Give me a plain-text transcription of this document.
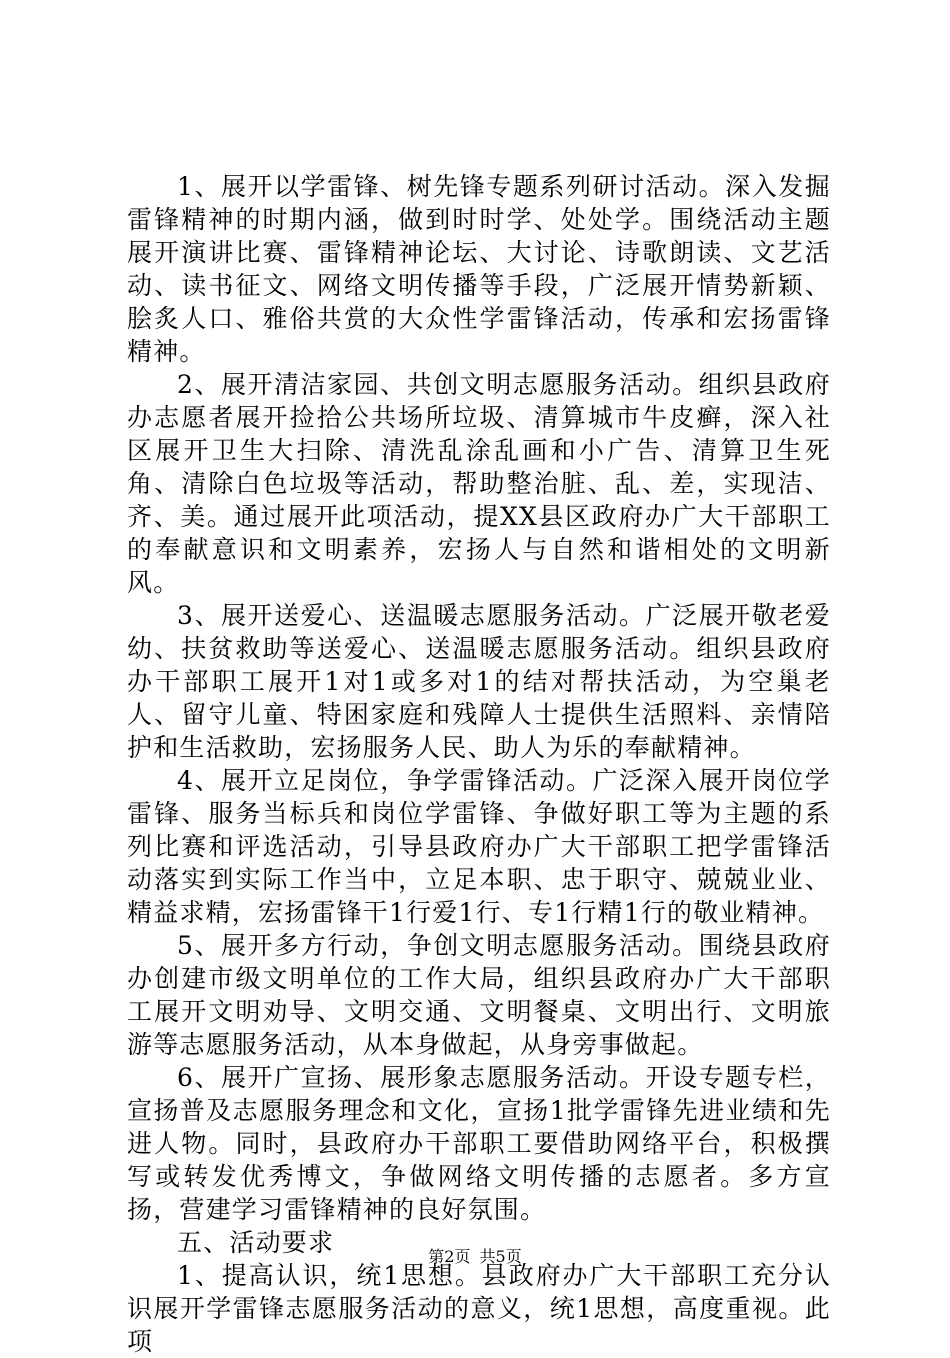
1、展开以学雷锋、树先锋专题系列研讨活动。深入发掘雷锋精神的时期内涵，做到时时学、处处学。围绕活动主题展开演讲比赛、雷锋精神论坛、大讨论、诗歌朗读、文艺活动、读书征文、网络文明传播等手段，广泛展开情势新颖、脍炙人口、雅俗共赏的大众性学雷锋活动，传承和宏扬雷锋精神。

2、展开清洁家园、共创文明志愿服务活动。组织县政府办志愿者展开捡拾公共场所垃圾、清算城市牛皮癣，深入社区展开卫生大扫除、清洗乱涂乱画和小广告、清算卫生死角、清除白色垃圾等活动，帮助整治脏、乱、差，实现洁、齐、美。通过展开此项活动，提XX县区政府办广大干部职工的奉献意识和文明素养，宏扬人与自然和谐相处的文明新风。

3、展开送爱心、送温暖志愿服务活动。广泛展开敬老爱幼、扶贫救助等送爱心、送温暖志愿服务活动。组织县政府办干部职工展开1对1或多对1的结对帮扶活动，为空巢老人、留守儿童、特困家庭和残障人士提供生活照料、亲情陪护和生活救助，宏扬服务人民、助人为乐的奉献精神。

4、展开立足岗位，争学雷锋活动。广泛深入展开岗位学雷锋、服务当标兵和岗位学雷锋、争做好职工等为主题的系列比赛和评选活动，引导县政府办广大干部职工把学雷锋活动落实到实际工作当中，立足本职、忠于职守、兢兢业业、精益求精，宏扬雷锋干1行爱1行、专1行精1行的敬业精神。

5、展开多方行动，争创文明志愿服务活动。围绕县政府办创建市级文明单位的工作大局，组织县政府办广大干部职工展开文明劝导、文明交通、文明餐桌、文明出行、文明旅游等志愿服务活动，从本身做起，从身旁事做起。

6、展开广宣扬、展形象志愿服务活动。开设专题专栏，宣扬普及志愿服务理念和文化，宣扬1批学雷锋先进业绩和先进人物。同时，县政府办干部职工要借助网络平台，积极撰写或转发优秀博文，争做网络文明传播的志愿者。多方宣扬，营建学习雷锋精神的良好氛围。

五、活动要求

1、提高认识，统1思想。县政府办广大干部职工充分认识展开学雷锋志愿服务活动的意义，统1思想，高度重视。此项

第2页 共5页
